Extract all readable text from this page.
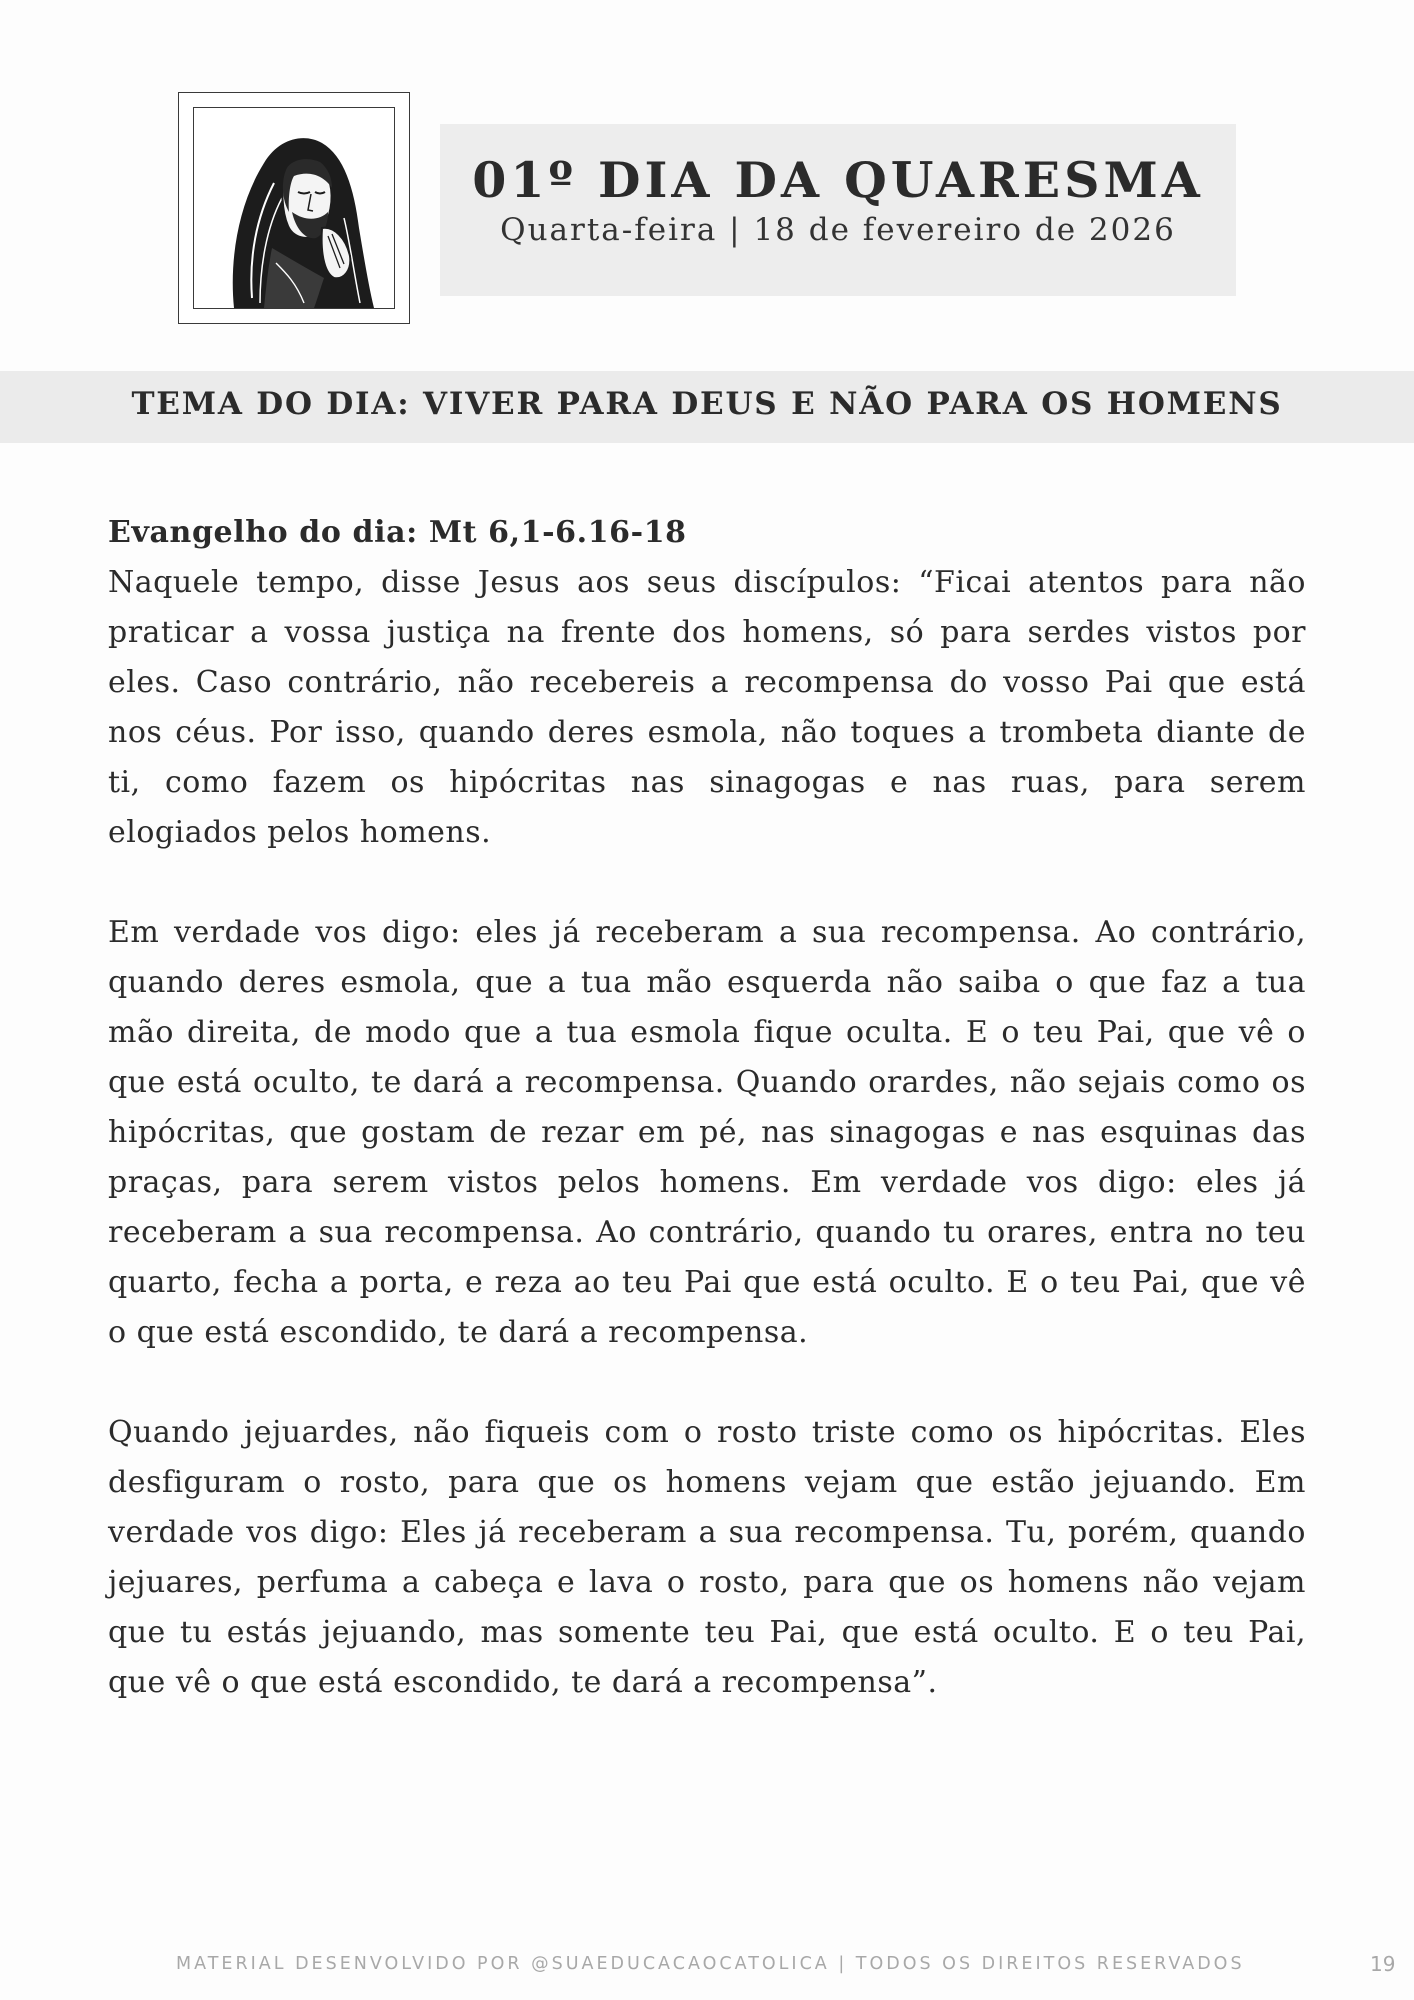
01º DIA DA QUARESMA
Quarta-feira | 18 de fevereiro de 2026
TEMA DO DIA: VIVER PARA DEUS E NÃO PARA OS HOMENS
Evangelho do dia: Mt 6,1-6.16-18

Naquele tempo, disse Jesus aos seus discípulos: “Ficai atentos para não praticar a vossa justiça na frente dos homens, só para serdes vistos por eles. Caso contrário, não recebereis a recompensa do vosso Pai que está nos céus. Por isso, quando deres esmola, não toques a trombeta diante de ti, como fazem os hipócritas nas sinagogas e nas ruas, para serem elogiados pelos homens.

Em verdade vos digo: eles já receberam a sua recompensa. Ao contrário, quando deres esmola, que a tua mão esquerda não saiba o que faz a tua mão direita, de modo que a tua esmola fique oculta. E o teu Pai, que vê o que está oculto, te dará a recompensa. Quando orardes, não sejais como os hipócritas, que gostam de rezar em pé, nas sinagogas e nas esquinas das praças, para serem vistos pelos homens. Em verdade vos digo: eles já receberam a sua recompensa. Ao contrário, quando tu orares, entra no teu quarto, fecha a porta, e reza ao teu Pai que está oculto. E o teu Pai, que vê o que está escondido, te dará a recompensa.

Quando jejuardes, não fiqueis com o rosto triste como os hipócritas. Eles desfiguram o rosto, para que os homens vejam que estão jejuando. Em verdade vos digo: Eles já receberam a sua recompensa. Tu, porém, quando jejuares, perfuma a cabeça e lava o rosto, para que os homens não vejam que tu estás jejuando, mas somente teu Pai, que está oculto. E o teu Pai, que vê o que está escondido, te dará a recompensa”.

MATERIAL DESENVOLVIDO POR @SUAEDUCACAOCATOLICA | TODOS OS DIREITOS RESERVADOS	19
